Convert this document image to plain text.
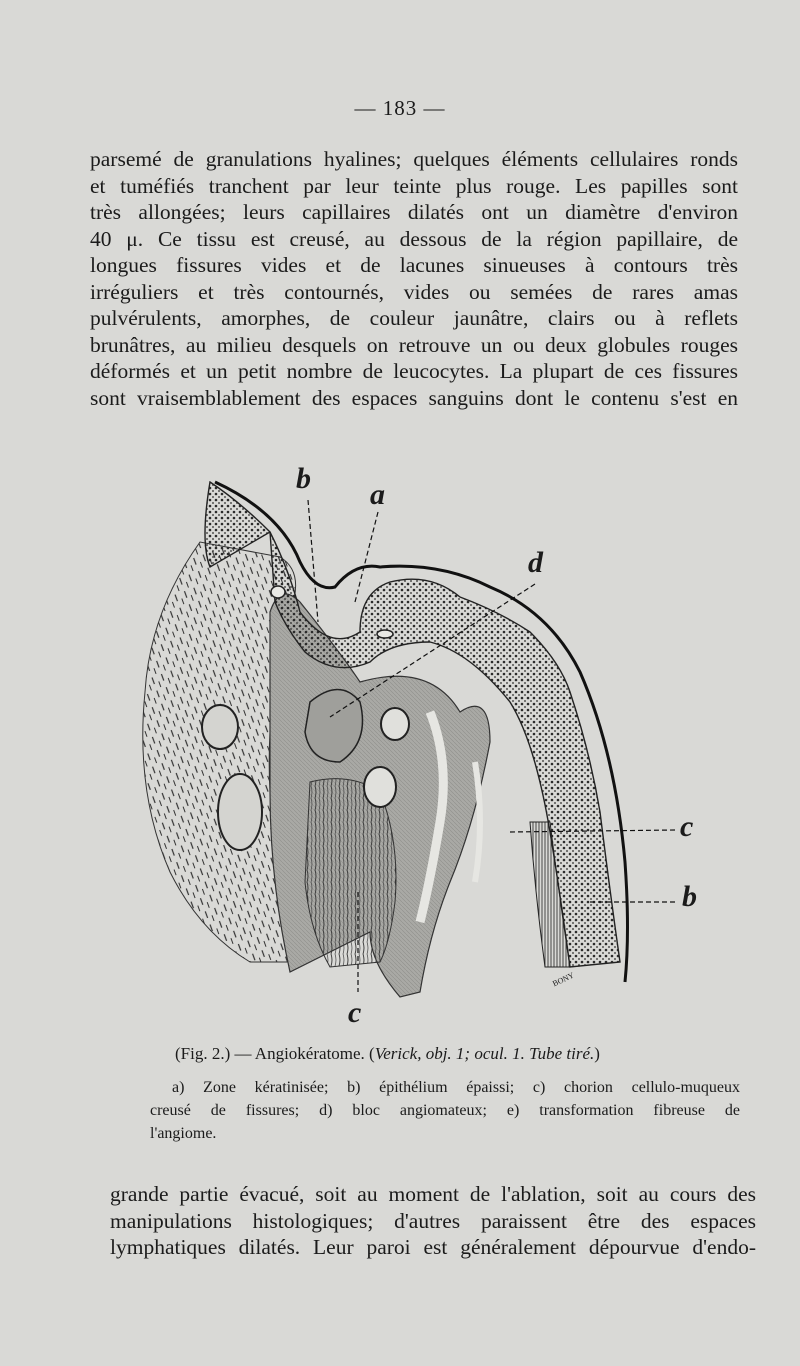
— 183 —
parsemé de granulations hyalines; quelques éléments cellulaires ronds
et tuméfiés tranchent par leur teinte plus rouge. Les papilles sont
très allongées; leurs capillaires dilatés ont un diamètre d'environ
40 μ. Ce tissu est creusé, au dessous de la région papillaire, de
longues fissures vides et de lacunes sinueuses à contours très
irréguliers et très contournés, vides ou semées de rares amas
pulvérulents, amorphes, de couleur jaunâtre, clairs ou à reflets
brunâtres, au milieu desquels on retrouve un ou deux globules rouges
déformés et un petit nombre de leucocytes. La plupart de ces fissures
sont vraisemblablement des espaces sanguins dont le contenu s'est en
b a
d
c
b
c
BONY
(Fig. 2.) — Angiokératome. (Verick, obj. 1; ocul. 1. Tube tiré.)
a) Zone kératinisée; b) épithélium épaissi; c) chorion cellulo-muqueux
creusé de fissures; d) bloc angiomateux; e) transformation fibreuse de
l'angiome.
grande partie évacué, soit au moment de l'ablation, soit au cours des
manipulations histologiques; d'autres paraissent être des espaces
lymphatiques dilatés. Leur paroi est généralement dépourvue d'endo-
